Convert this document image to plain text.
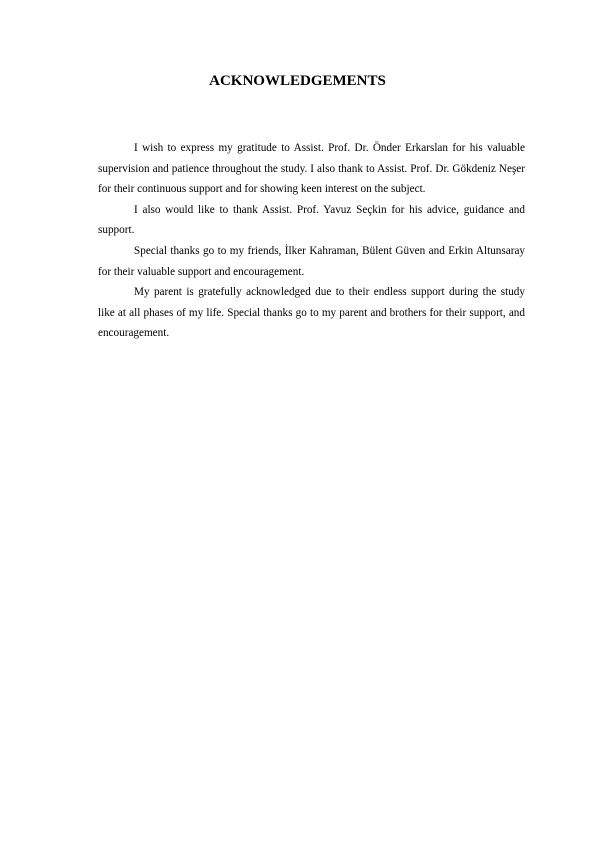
ACKNOWLEDGEMENTS

I wish to express my gratitude to Assist. Prof. Dr. Önder Erkarslan for his valuable supervision and patience throughout the study. I also thank to Assist. Prof. Dr. Gökdeniz Neşer for their continuous support and for showing keen interest on the subject.

I also would like to thank Assist. Prof. Yavuz Seçkin for his advice, guidance and support.

Special thanks go to my friends, İlker Kahraman, Bülent Güven and Erkin Altunsaray for their valuable support and encouragement.

My parent is gratefully acknowledged due to their endless support during the study like at all phases of my life. Special thanks go to my parent and brothers for their support, and encouragement.
